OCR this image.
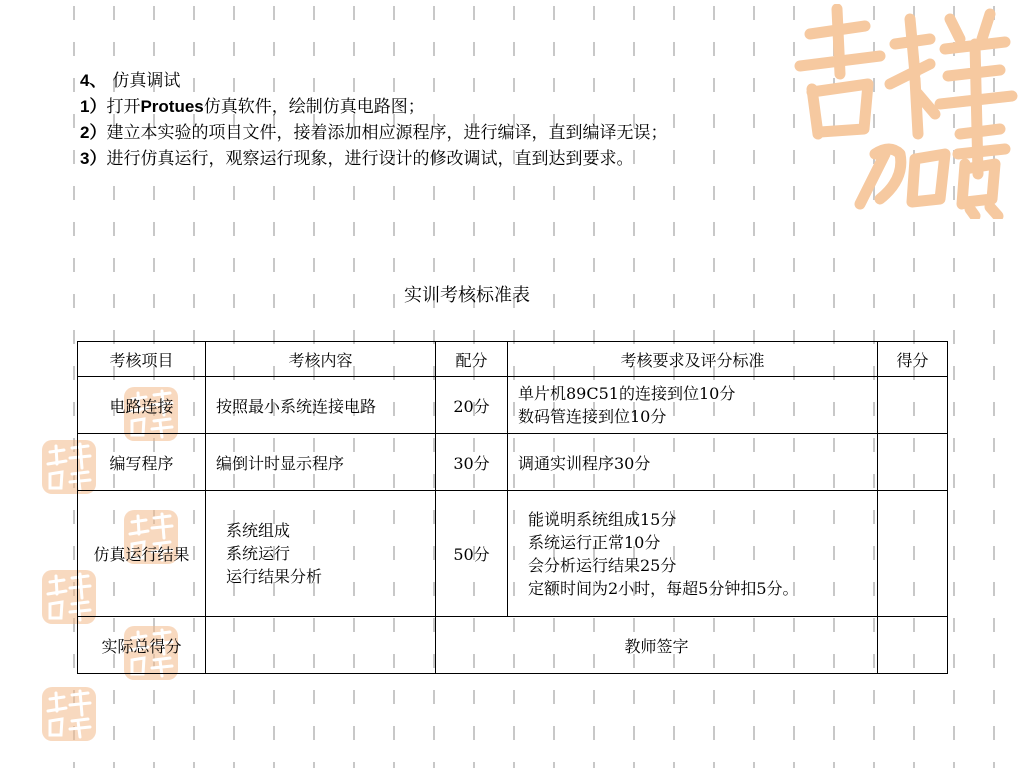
4、 仿真调试
1）打开Protues仿真软件，绘制仿真电路图；
2）建立本实验的项目文件，接着添加相应源程序，进行编译，直到编译无误；
3）进行仿真运行，观察运行现象，进行设计的修改调试，直到达到要求。
实训考核标准表
考核项目	考核内容	配分	考核要求及评分标准	得分
电路连接	按照最小系统连接电路	20分	单片机89C51的连接到位10分
数码管连接到位10分	

编写程序	编倒计时显示程序	30分	调通实训程序30分	
仿真运行结果	系统组成
系统运行
运行结果分析	50分	能说明系统组成15分
系统运行正常10分
会分析运行结果25分
定额时间为2小时，每超5分钟扣5分。	

实际总得分		教师签字		
